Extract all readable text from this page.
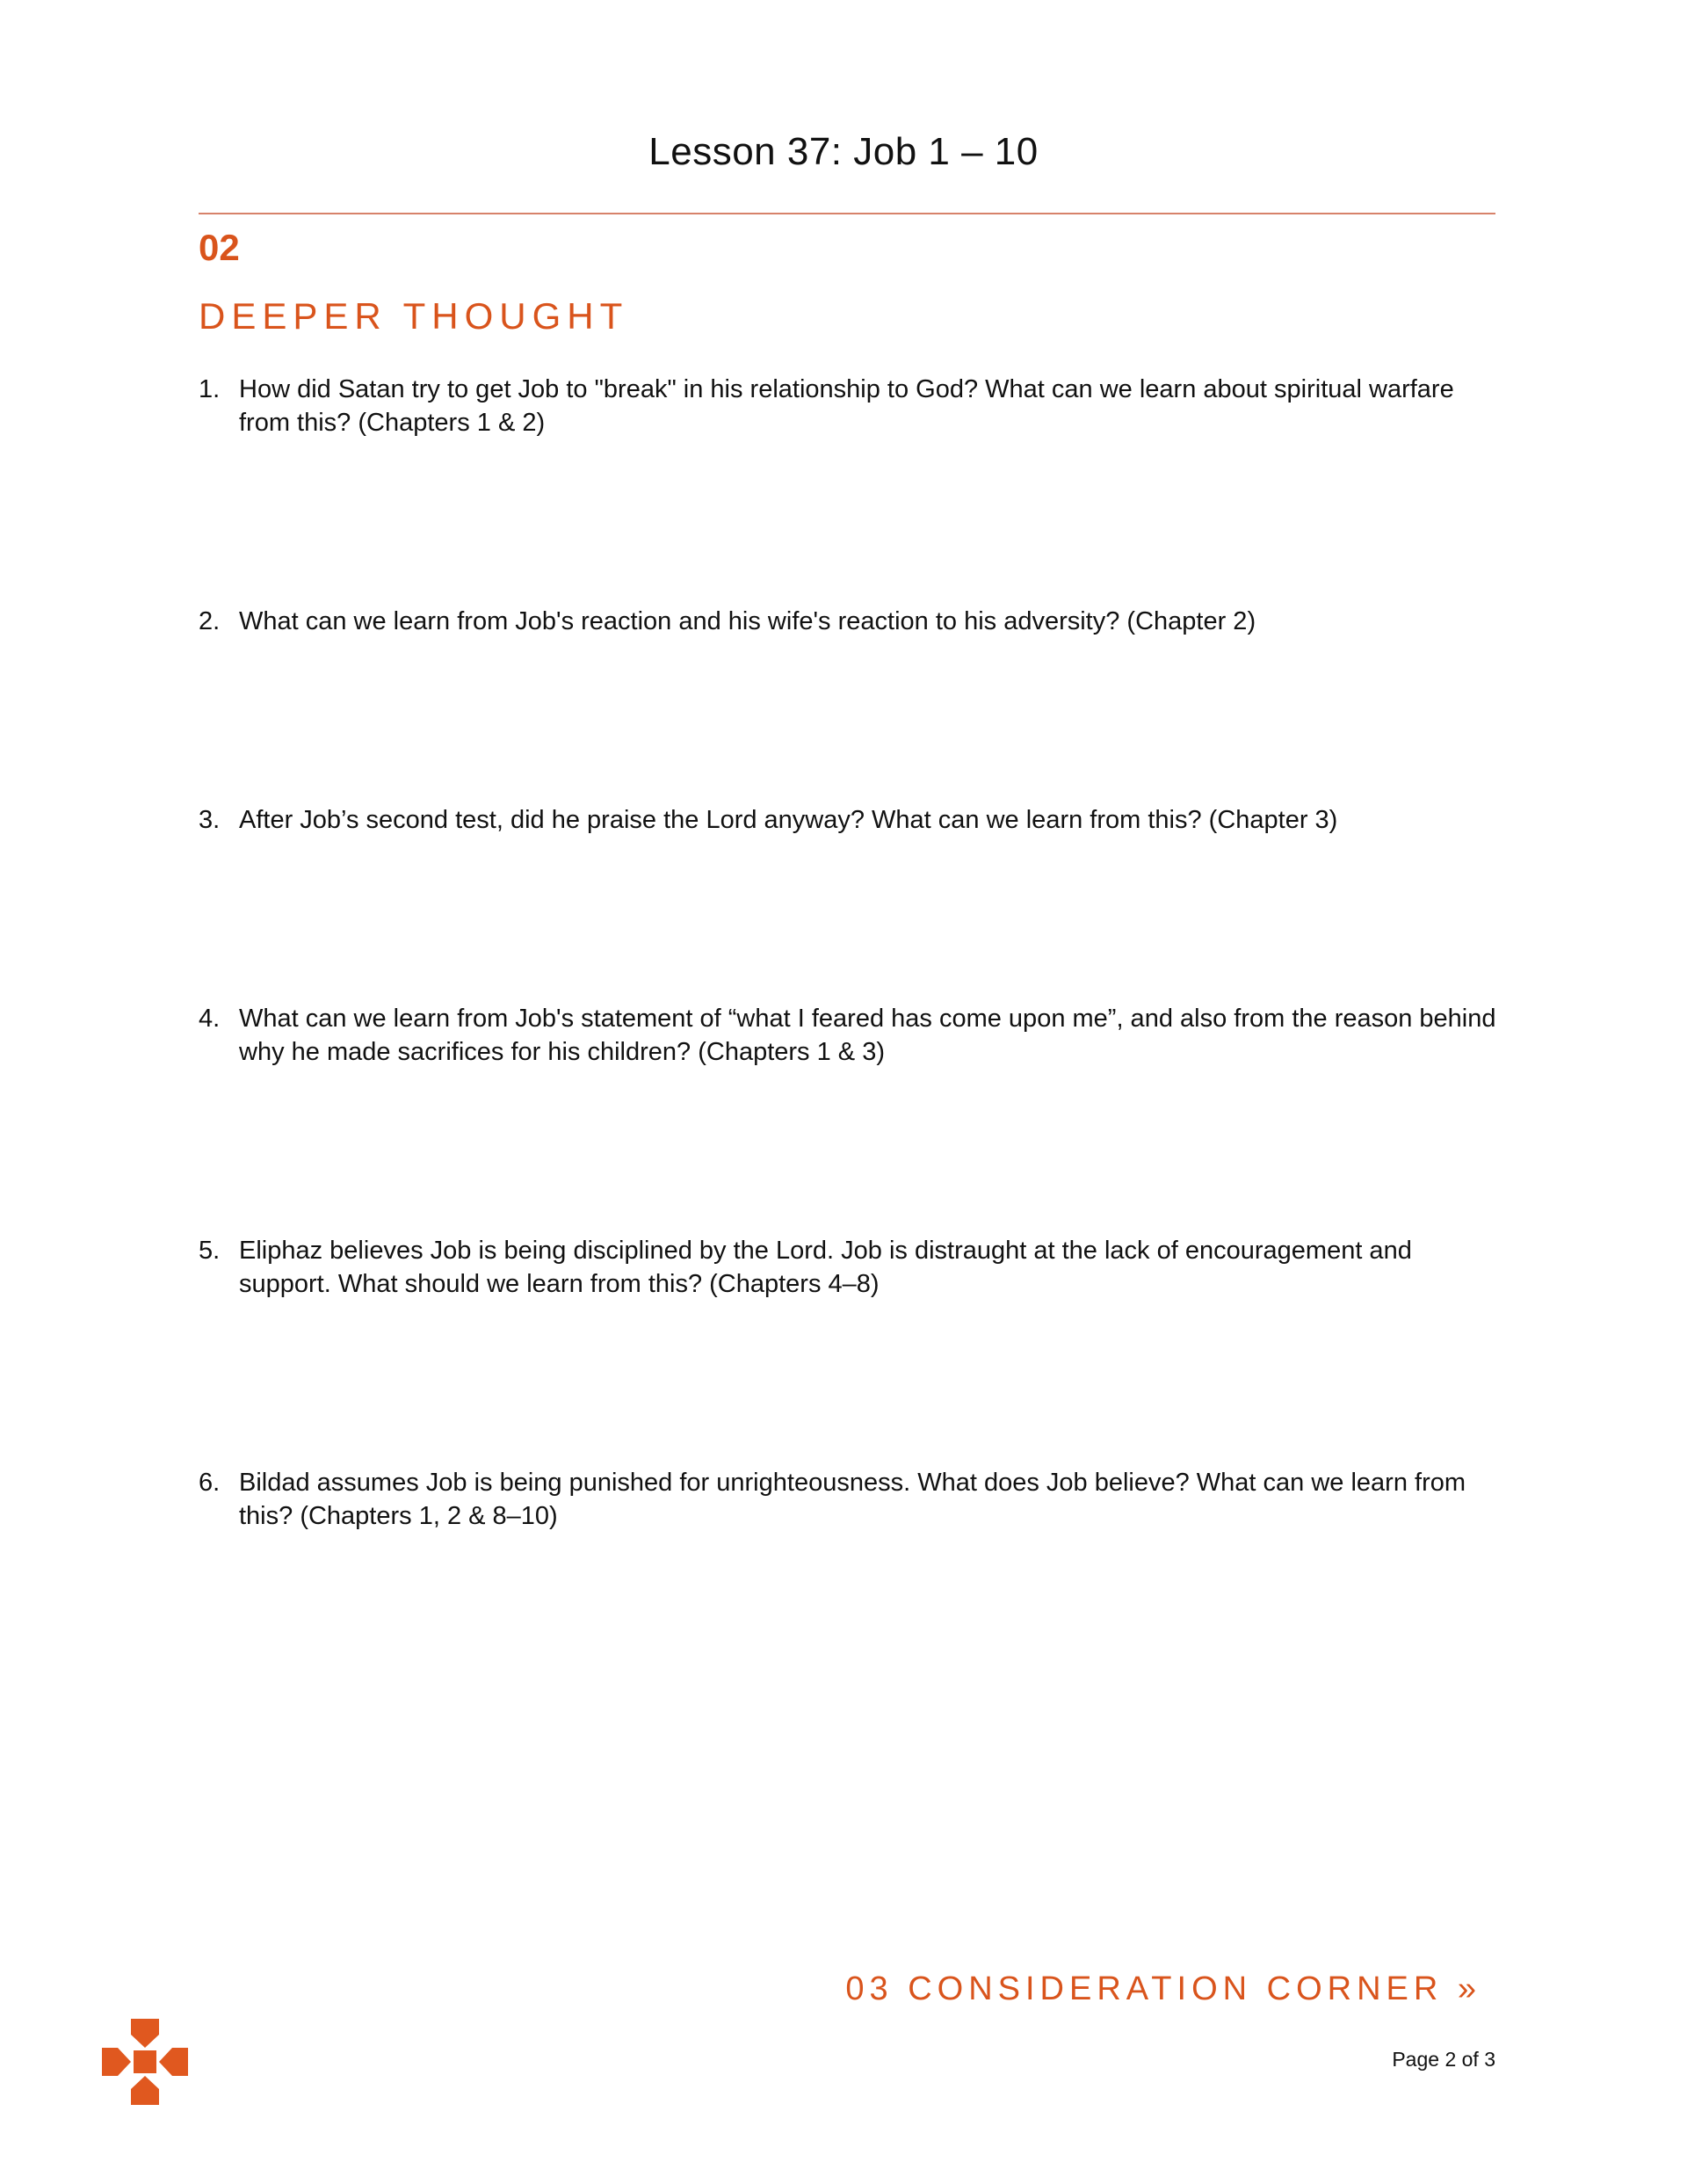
Lesson 37: Job 1 – 10
02
DEEPER THOUGHT
1. How did Satan try to get Job to "break" in his relationship to God? What can we learn about spiritual warfare from this? (Chapters 1 & 2)
2. What can we learn from Job's reaction and his wife's reaction to his adversity? (Chapter 2)
3. After Job’s second test, did he praise the Lord anyway? What can we learn from this? (Chapter 3)
4. What can we learn from Job's statement of “what I feared has come upon me”, and also from the reason behind why he made sacrifices for his children? (Chapters 1 & 3)
5. Eliphaz believes Job is being disciplined by the Lord. Job is distraught at the lack of encouragement and support. What should we learn from this? (Chapters 4–8)
6. Bildad assumes Job is being punished for unrighteousness. What does Job believe? What can we learn from this? (Chapters 1, 2 & 8–10)
03 CONSIDERATION CORNER »
Page 2 of 3
